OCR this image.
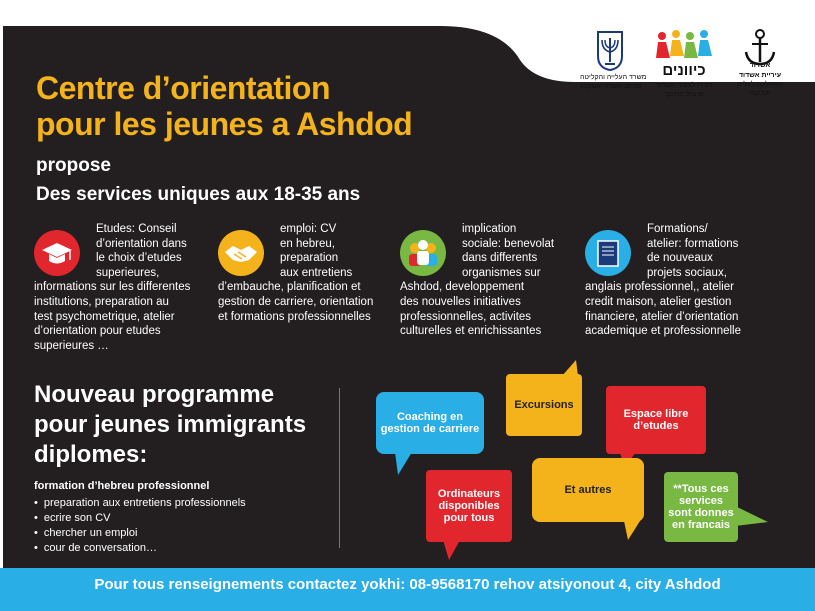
משרד העלייה והקליטה
מרחב אשדוד-אשקלון
כיוונים
הבית לצעירי אשדוד
מינהל החינוך
אשדוד
עיריית אשדוד
המחלקה לעליה
וקליטה
Centre d’orientation
pour les jeunes a Ashdod
propose
Des services uniques aux 18-35 ans
Etudes: Conseil
d’orientation dans
le choix d’etudes
superieures,
informations sur les differentes
institutions, preparation au
test psychometrique, atelier
d’orientation pour etudes
superieures …
emploi: CV
en hebreu,
preparation
aux entretiens
d’embauche, planification et
gestion de carriere, orientation
et formations professionnelles
implication
sociale: benevolat
dans differents
organismes sur
Ashdod, developpement
des nouvelles initiatives
professionnelles, activites
culturelles et enrichissantes
Formations/
atelier: formations
de nouveaux
projets sociaux,
anglais professionnel,, atelier
credit maison, atelier gestion
financiere, atelier d’orientation
academique et professionnelle
Nouveau programme
pour jeunes immigrants
diplomes:
formation d’hebreu professionnel
• preparation aux entretiens professionnels
• ecrire son CV
• chercher un emploi
• cour de conversation…
Coaching en gestion de carriere
Excursions
Espace libre d’etudes
Ordinateurs disponibles pour tous
Et autres	**Tous ces services sont donnes en francais
Pour tous renseignements contactez yokhi: 08-9568170 rehov atsiyonout 4, city Ashdod
